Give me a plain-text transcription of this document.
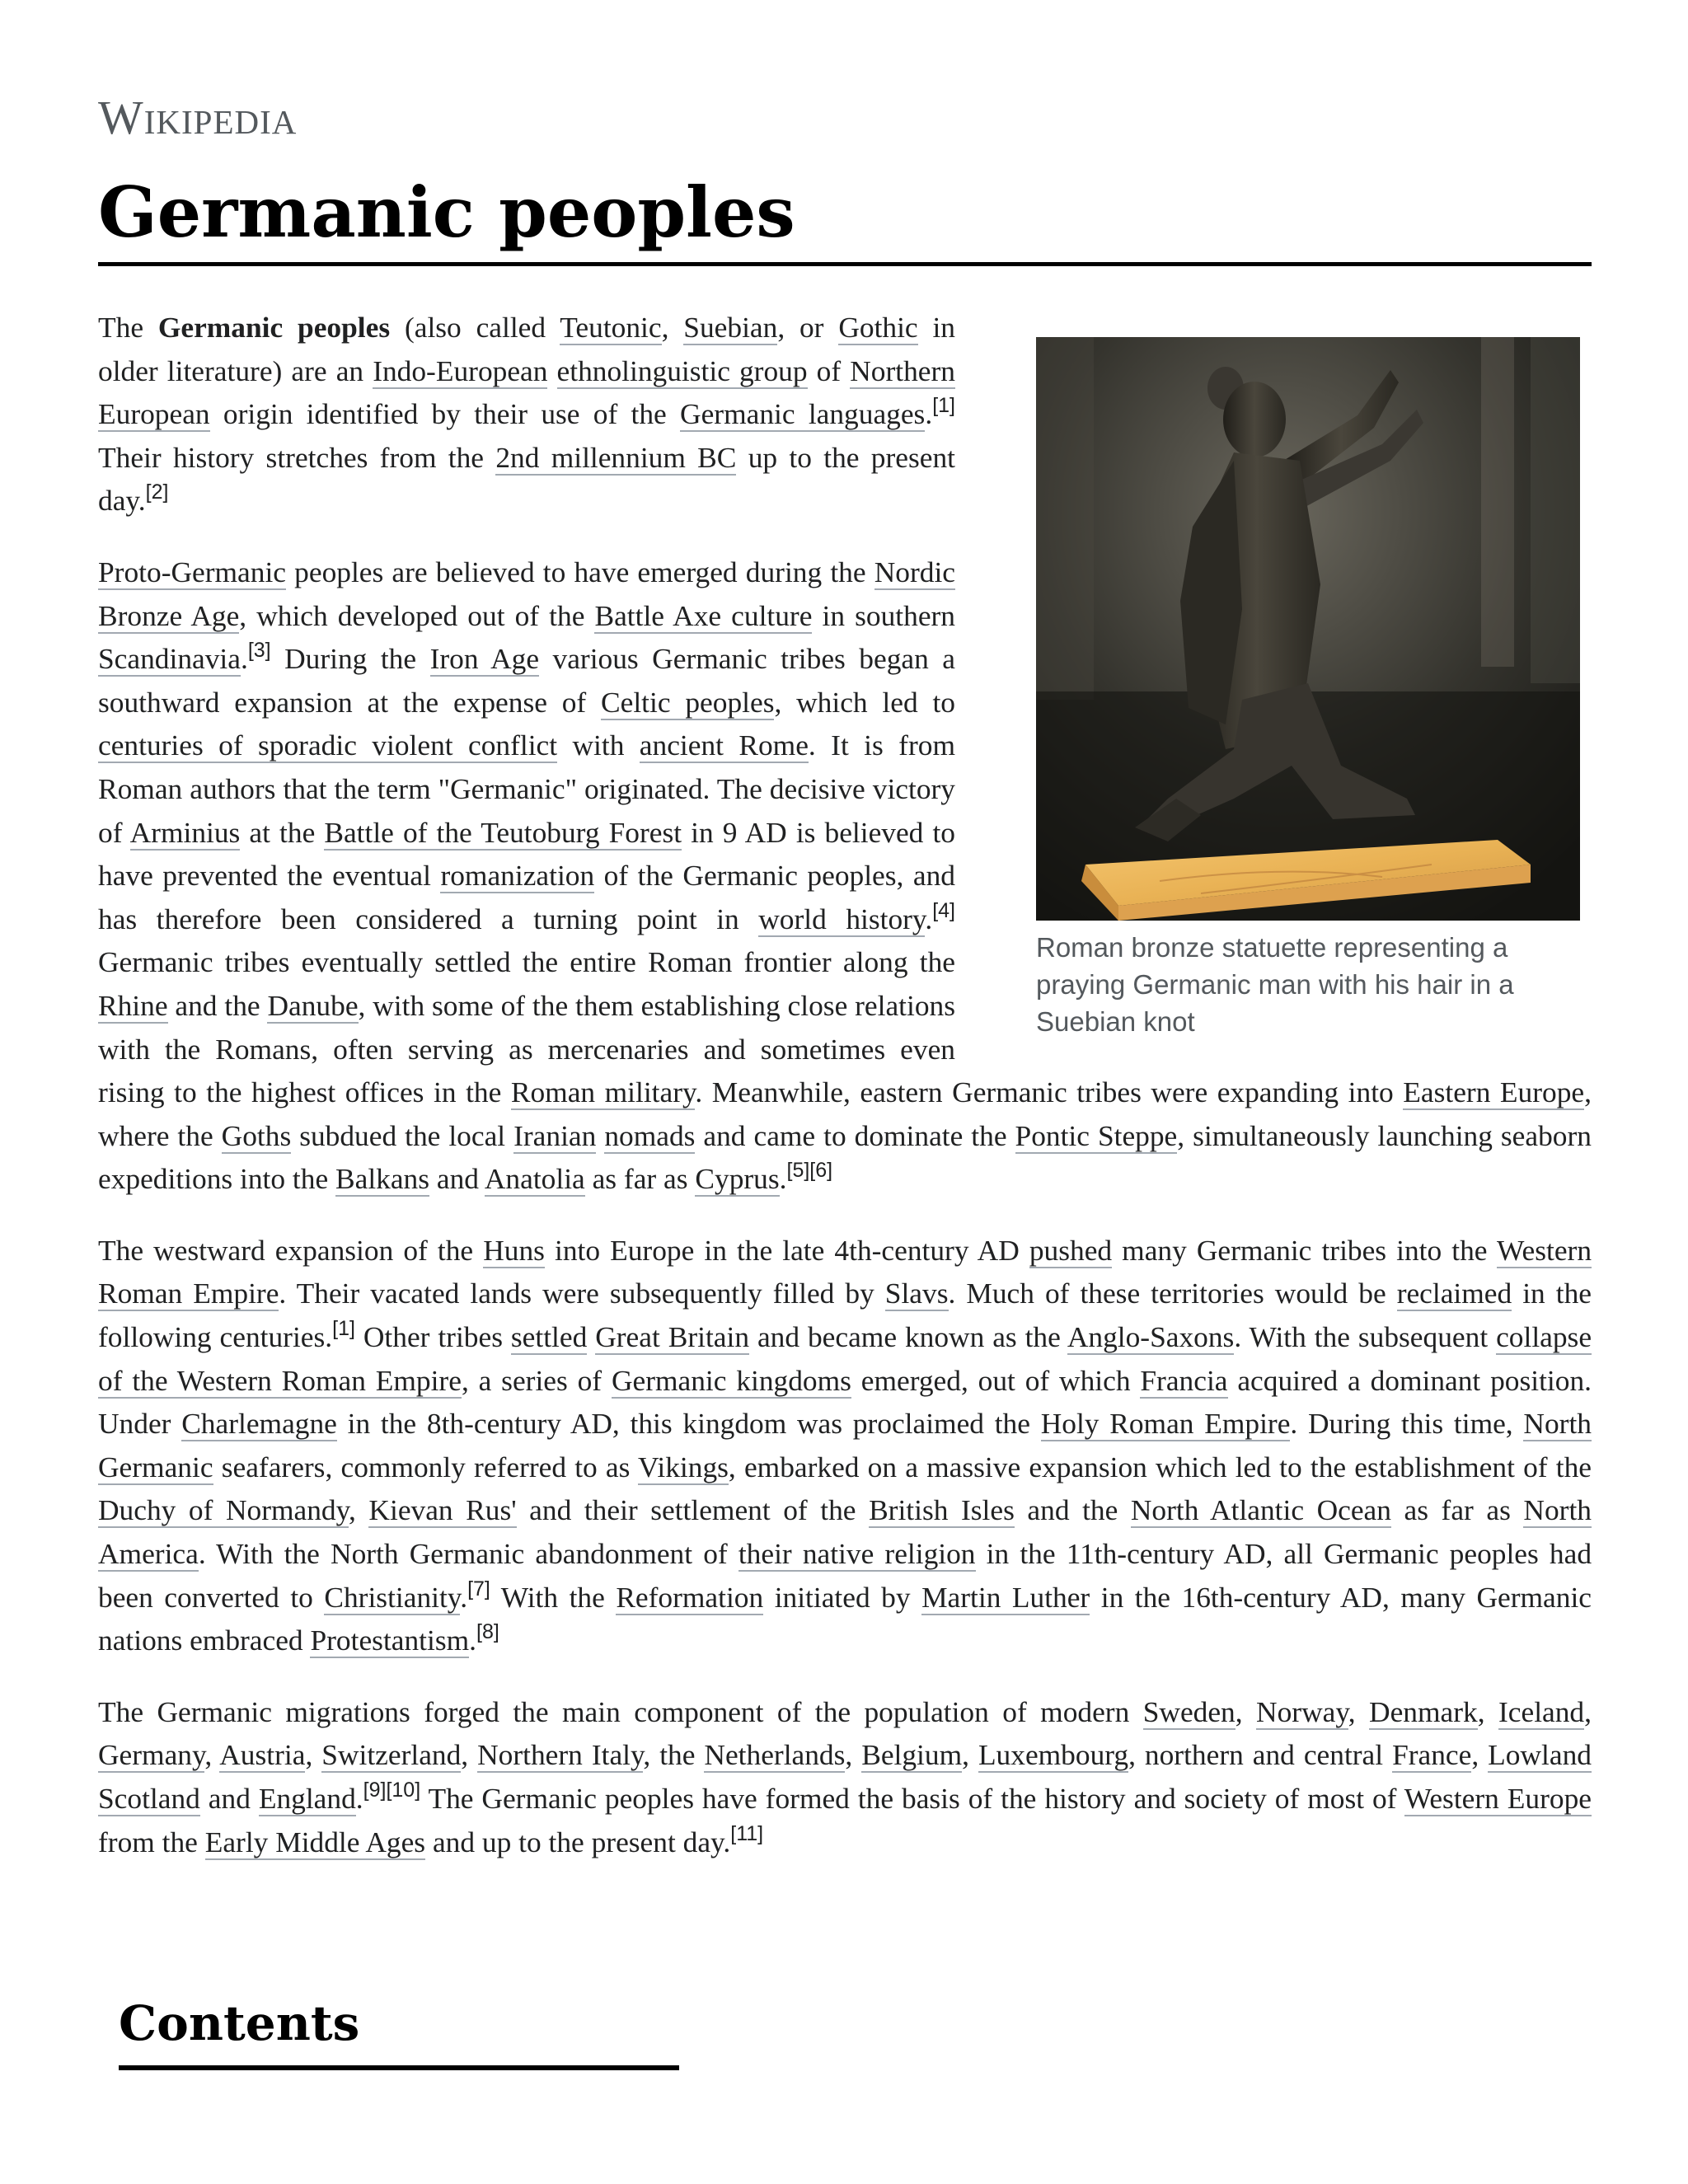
Wikipedia
Germanic peoples
Roman bronze statuette representing a praying Germanic man with his hair in a Suebian knot

The Germanic peoples (also called Teutonic, Suebian, or Gothic in older literature) are an Indo-European ethnolinguistic group of Northern European origin identified by their use of the Germanic languages.[1] Their history stretches from the 2nd millennium BC up to the present day.[2]

Proto-Germanic peoples are believed to have emerged during the Nordic Bronze Age, which developed out of the Battle Axe culture in southern Scandinavia.[3] During the Iron Age various Germanic tribes began a southward expansion at the expense of Celtic peoples, which led to centuries of sporadic violent conflict with ancient Rome. It is from Roman authors that the term "Germanic" originated. The decisive victory of Arminius at the Battle of the Teutoburg Forest in 9 AD is believed to have prevented the eventual romanization of the Germanic peoples, and has therefore been considered a turning point in world history.[4] Germanic tribes eventually settled the entire Roman frontier along the Rhine and the Danube, with some of the them establishing close relations with the Romans, often serving as mercenaries and sometimes even rising to the highest offices in the Roman military. Meanwhile, eastern Germanic tribes were expanding into Eastern Europe, where the Goths subdued the local Iranian nomads and came to dominate the Pontic Steppe, simultaneously launching seaborn expeditions into the Balkans and Anatolia as far as Cyprus.[5][6]

The westward expansion of the Huns into Europe in the late 4th-century AD pushed many Germanic tribes into the Western Roman Empire. Their vacated lands were subsequently filled by Slavs. Much of these territories would be reclaimed in the following centuries.[1] Other tribes settled Great Britain and became known as the Anglo-Saxons. With the subsequent collapse of the Western Roman Empire, a series of Germanic kingdoms emerged, out of which Francia acquired a dominant position. Under Charlemagne in the 8th-century AD, this kingdom was proclaimed the Holy Roman Empire. During this time, North Germanic seafarers, commonly referred to as Vikings, embarked on a massive expansion which led to the establishment of the Duchy of Normandy, Kievan Rus' and their settlement of the British Isles and the North Atlantic Ocean as far as North America. With the North Germanic abandonment of their native religion in the 11th-century AD, all Germanic peoples had been converted to Christianity.[7] With the Reformation initiated by Martin Luther in the 16th-century AD, many Germanic nations embraced Protestantism.[8]

The Germanic migrations forged the main component of the population of modern Sweden, Norway, Denmark, Iceland, Germany, Austria, Switzerland, Northern Italy, the Netherlands, Belgium, Luxembourg, northern and central France, Lowland Scotland and England.[9][10] The Germanic peoples have formed the basis of the history and society of most of Western Europe from the Early Middle Ages and up to the present day.[11]

Contents
